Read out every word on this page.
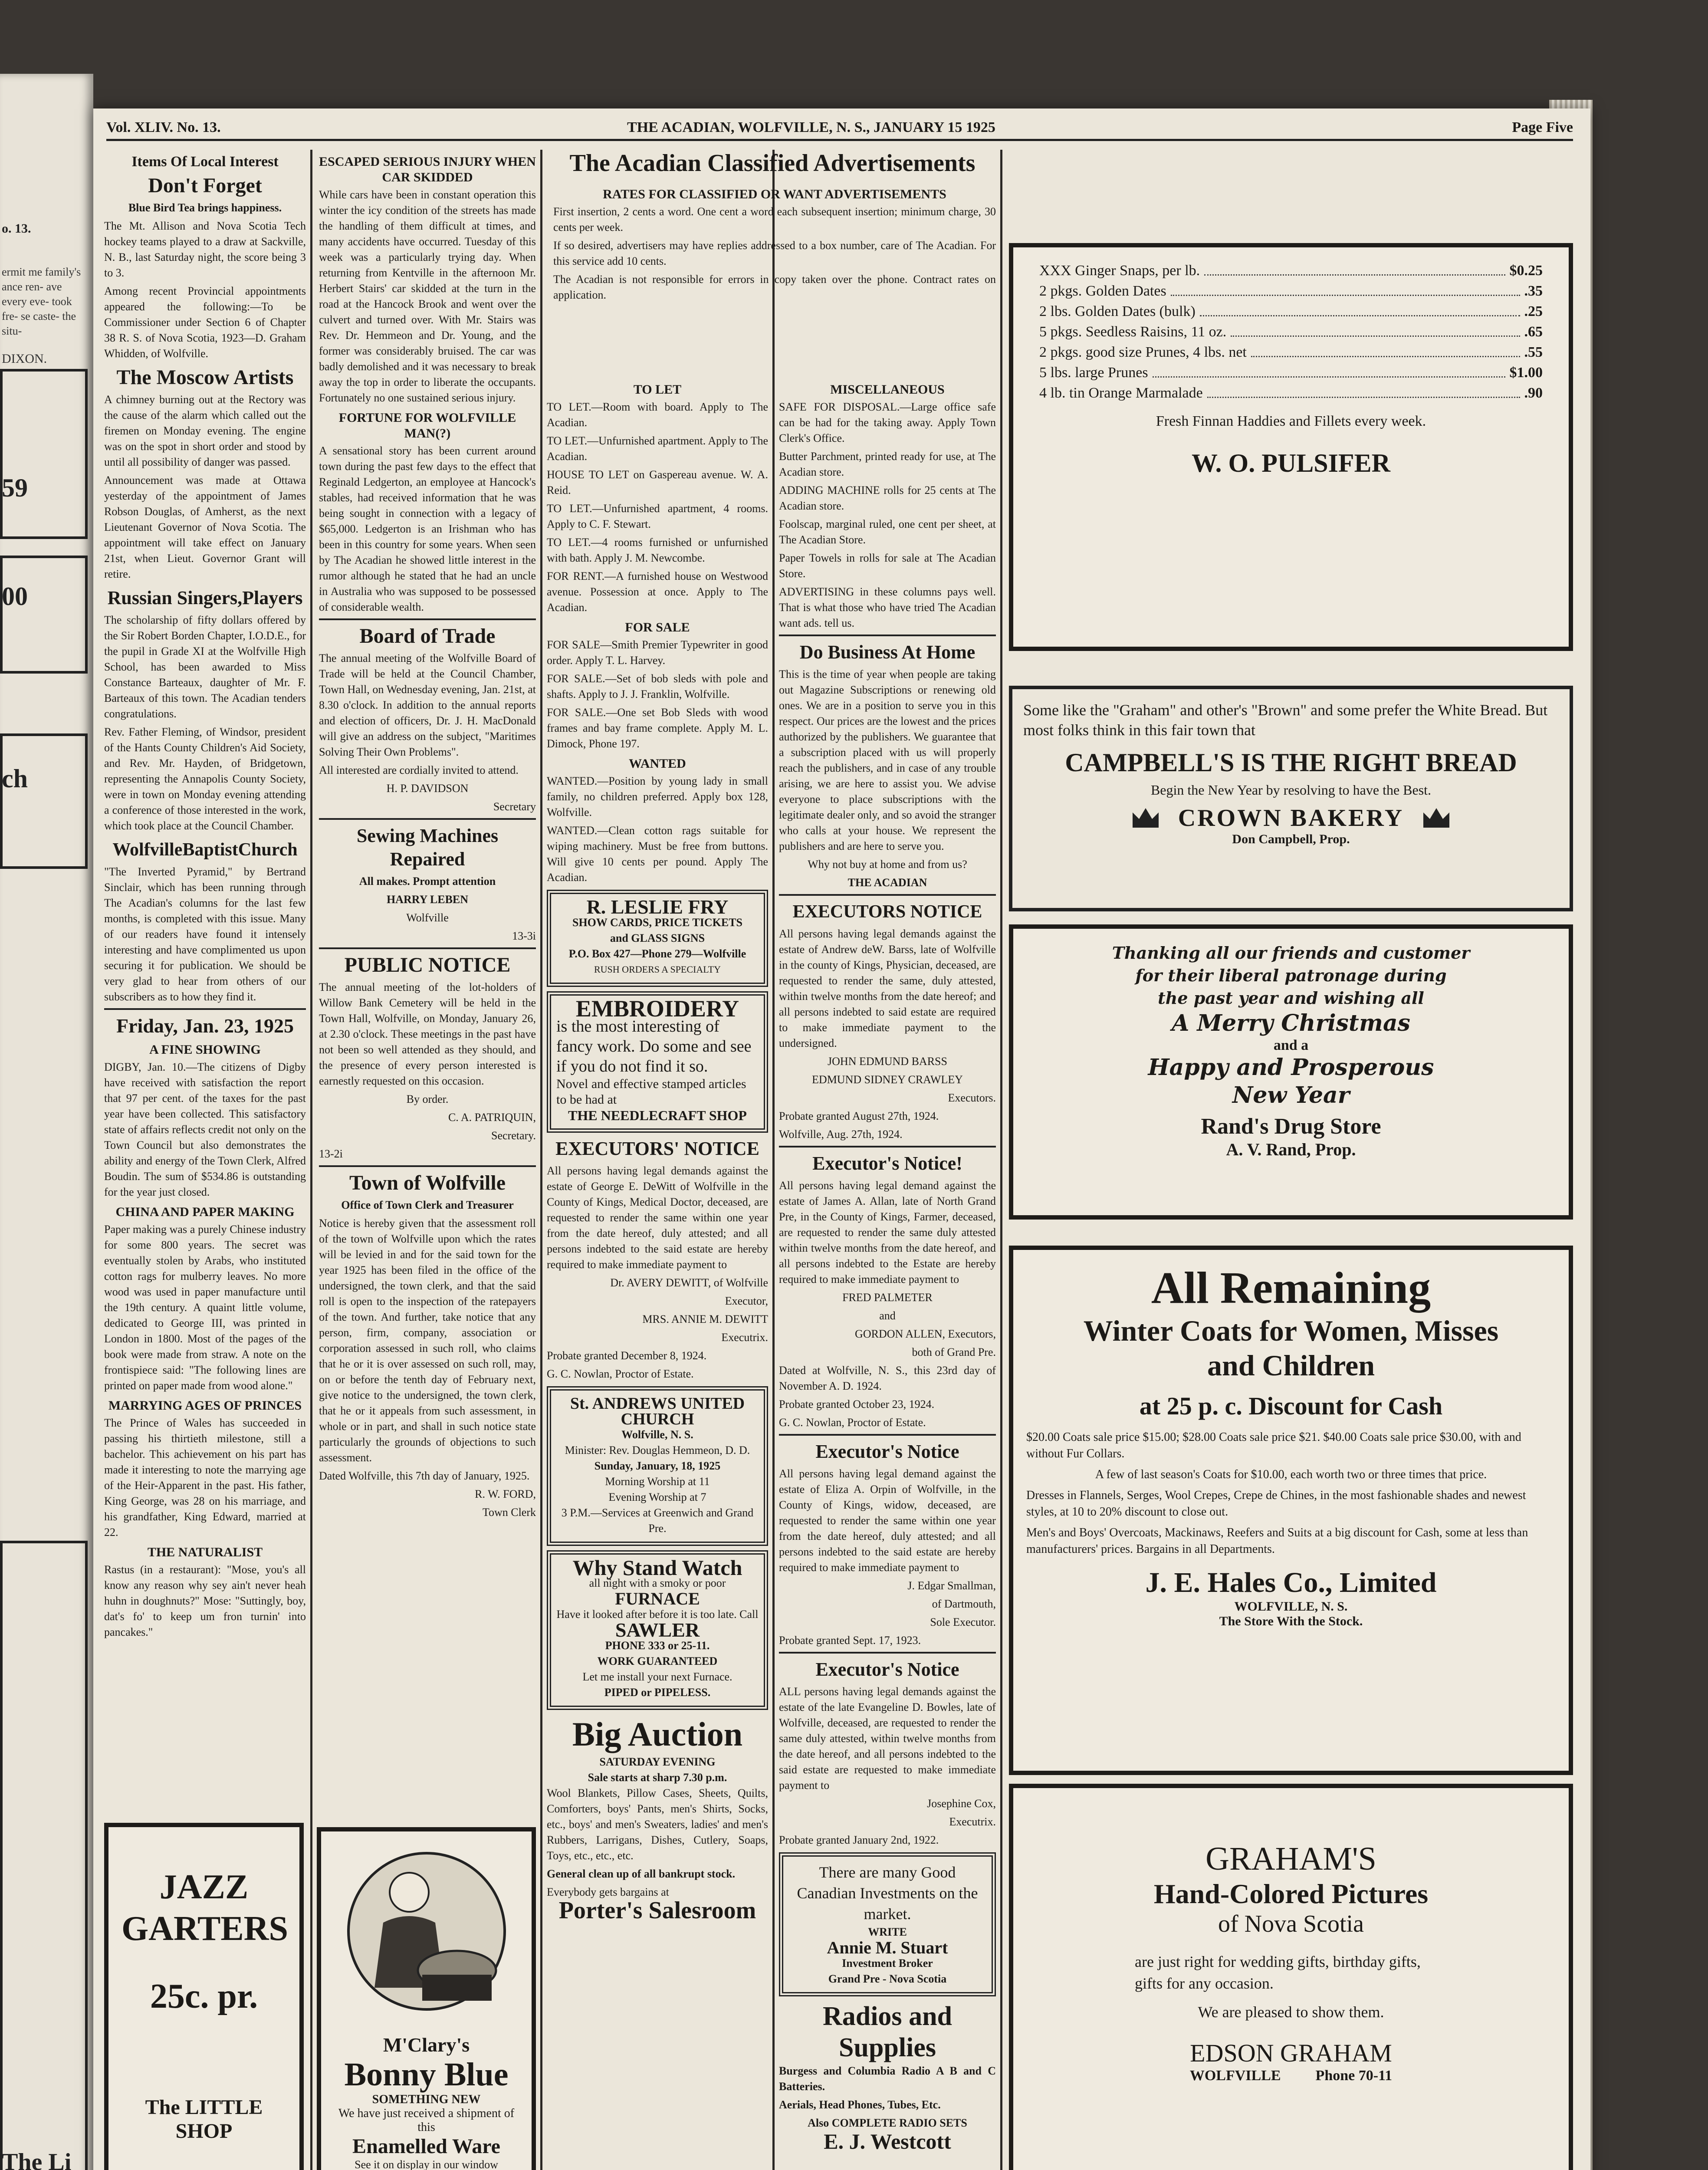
o. 13.
ermit me family's ance ren- ave every eve- took fre- se caste- the situ-
DIXON.
59
00
ch
The Li
Vol. XLIV. No. 13.	THE ACADIAN, WOLFVILLE, N. S., JANUARY 15 1925	Page Five
Items Of Local Interest
Don't Forget

Blue Bird Tea brings happiness.

The Mt. Allison and Nova Scotia Tech hockey teams played to a draw at Sackville, N. B., last Saturday night, the score being 3 to 3.

Among recent Provincial appointments appeared the following:—To be Commissioner under Section 6 of Chapter 38 R. S. of Nova Scotia, 1923—D. Graham Whidden, of Wolfville.

The Moscow Artists

A chimney burning out at the Rectory was the cause of the alarm which called out the firemen on Monday evening. The engine was on the spot in short order and stood by until all possibility of danger was passed.

Announcement was made at Ottawa yesterday of the appointment of James Robson Douglas, of Amherst, as the next Lieutenant Governor of Nova Scotia. The appointment will take effect on January 21st, when Lieut. Governor Grant will retire.

Russian Singers,Players

The scholarship of fifty dollars offered by the Sir Robert Borden Chapter, I.O.D.E., for the pupil in Grade XI at the Wolfville High School, has been awarded to Miss Constance Barteaux, daughter of Mr. F. Barteaux of this town. The Acadian tenders congratulations.

Rev. Father Fleming, of Windsor, president of the Hants County Children's Aid Society, and Rev. Mr. Hayden, of Bridgetown, representing the Annapolis County Society, were in town on Monday evening attending a conference of those interested in the work, which took place at the Council Chamber.

WolfvilleBaptistChurch

"The Inverted Pyramid," by Bertrand Sinclair, which has been running through The Acadian's columns for the last few months, is completed with this issue. Many of our readers have found it intensely interesting and have complimented us upon securing it for publication. We should be very glad to hear from others of our subscribers as to how they find it.

Friday, Jan. 23, 1925
A FINE SHOWING

DIGBY, Jan. 10.—The citizens of Digby have received with satisfaction the report that 97 per cent. of the taxes for the past year have been collected. This satisfactory state of affairs reflects credit not only on the Town Council but also demonstrates the ability and energy of the Town Clerk, Alfred Boudin. The sum of $534.86 is outstanding for the year just closed.

CHINA AND PAPER MAKING

Paper making was a purely Chinese industry for some 800 years. The secret was eventually stolen by Arabs, who instituted cotton rags for mulberry leaves. No more wood was used in paper manufacture until the 19th century. A quaint little volume, dedicated to George III, was printed in London in 1800. Most of the pages of the book were made from straw. A note on the frontispiece said: "The following lines are printed on paper made from wood alone."

MARRYING AGES OF PRINCES

The Prince of Wales has succeeded in passing his thirtieth milestone, still a bachelor. This achievement on his part has made it interesting to note the marrying age of the Heir-Apparent in the past. His father, King George, was 28 on his marriage, and his grandfather, King Edward, married at 22.

THE NATURALIST

Rastus (in a restaurant): "Mose, you's all know any reason why sey ain't never heah huhn in doughnuts?" Mose: "Suttingly, boy, dat's fo' to keep um fron turnin' into pancakes."

JAZZ
GARTERS
25c. pr.
The LITTLE SHOP
ESCAPED SERIOUS INJURY WHEN CAR SKIDDED

While cars have been in constant operation this winter the icy condition of the streets has made the handling of them difficult at times, and many accidents have occurred. Tuesday of this week was a particularly trying day. When returning from Kentville in the afternoon Mr. Herbert Stairs' car skidded at the turn in the road at the Hancock Brook and went over the culvert and turned over. With Mr. Stairs was Rev. Dr. Hemmeon and Dr. Young, and the former was considerably bruised. The car was badly demolished and it was necessary to break away the top in order to liberate the occupants. Fortunately no one sustained serious injury.

FORTUNE FOR WOLFVILLE MAN(?)

A sensational story has been current around town during the past few days to the effect that Reginald Ledgerton, an employee at Hancock's stables, had received information that he was being sought in connection with a legacy of $65,000. Ledgerton is an Irishman who has been in this country for some years. When seen by The Acadian he showed little interest in the rumor although he stated that he had an uncle in Australia who was supposed to be possessed of considerable wealth.

Board of Trade

The annual meeting of the Wolfville Board of Trade will be held at the Council Chamber, Town Hall, on Wednesday evening, Jan. 21st, at 8.30 o'clock. In addition to the annual reports and election of officers, Dr. J. H. MacDonald will give an address on the subject, "Maritimes Solving Their Own Problems".

All interested are cordially invited to attend.

H. P. DAVIDSON

Secretary

Sewing Machines Repaired

All makes. Prompt attention

HARRY LEBEN

Wolfville

13-3i

PUBLIC NOTICE

The annual meeting of the lot-holders of Willow Bank Cemetery will be held in the Town Hall, Wolfville, on Monday, January 26, at 2.30 o'clock. These meetings in the past have not been so well attended as they should, and the presence of every person interested is earnestly requested on this occasion.

By order.

C. A. PATRIQUIN,

Secretary.

13-2i

Town of Wolfville

Office of Town Clerk and Treasurer

Notice is hereby given that the assessment roll of the town of Wolfville upon which the rates will be levied in and for the said town for the year 1925 has been filed in the office of the undersigned, the town clerk, and that the said roll is open to the inspection of the ratepayers of the town. And further, take notice that any person, firm, company, association or corporation assessed in such roll, who claims that he or it is over assessed on such roll, may, on or before the tenth day of February next, give notice to the undersigned, the town clerk, that he or it appeals from such assessment, in whole or in part, and shall in such notice state particularly the grounds of objections to such assessment.

Dated Wolfville, this 7th day of January, 1925.

R. W. FORD,

Town Clerk

M'Clary's
Bonny Blue
SOMETHING NEW
We have just received a shipment of this
Enamelled Ware
See it on display in our window
The Acadian Classified Advertisements
RATES FOR CLASSIFIED OR WANT ADVERTISEMENTS

First insertion, 2 cents a word. One cent a word each subsequent insertion; minimum charge, 30 cents per week.

If so desired, advertisers may have replies addressed to a box number, care of The Acadian. For this service add 10 cents.

The Acadian is not responsible for errors in copy taken over the phone. Contract rates on application.

TO LET

TO LET.—Room with board. Apply to The Acadian.

TO LET.—Unfurnished apartment. Apply to The Acadian.

HOUSE TO LET on Gaspereau avenue. W. A. Reid.

TO LET.—Unfurnished apartment, 4 rooms. Apply to C. F. Stewart.

TO LET.—4 rooms furnished or unfurnished with bath. Apply J. M. Newcombe.

FOR RENT.—A furnished house on Westwood avenue. Possession at once. Apply to The Acadian.

FOR SALE

FOR SALE—Smith Premier Typewriter in good order. Apply T. L. Harvey.

FOR SALE.—Set of bob sleds with pole and shafts. Apply to J. J. Franklin, Wolfville.

FOR SALE.—One set Bob Sleds with wood frames and bay frame complete. Apply M. L. Dimock, Phone 197.

WANTED

WANTED.—Position by young lady in small family, no children preferred. Apply box 128, Wolfville.

WANTED.—Clean cotton rags suitable for wiping machinery. Must be free from buttons. Will give 10 cents per pound. Apply The Acadian.

R. LESLIE FRY
SHOW CARDS, PRICE TICKETS
and GLASS SIGNS
P.O. Box 427—Phone 279—Wolfville
RUSH ORDERS A SPECIALTY
EMBROIDERY
is the most interesting of fancy work. Do some and see if you do not find it so.
Novel and effective stamped articles to be had at
THE NEEDLECRAFT SHOP
EXECUTORS' NOTICE

All persons having legal demands against the estate of George E. DeWitt of Wolfville in the County of Kings, Medical Doctor, deceased, are requested to render the same within one year from the date hereof, duly attested; and all persons indebted to the said estate are hereby required to make immediate payment to

Dr. AVERY DEWITT, of Wolfville

Executor,

MRS. ANNIE M. DEWITT

Executrix.

Probate granted December 8, 1924.

G. C. Nowlan, Proctor of Estate.

St. ANDREWS UNITED CHURCH
Wolfville, N. S.
Minister: Rev. Douglas Hemmeon, D. D.
Sunday, January, 18, 1925
Morning Worship at 11
Evening Worship at 7
3 P.M.—Services at Greenwich and Grand Pre.
Why Stand Watch
all night with a smoky or poor
FURNACE
Have it looked after before it is too late. Call
SAWLER
PHONE 333 or 25-11.
WORK GUARANTEED
Let me install your next Furnace.
PIPED or PIPELESS.
Big Auction
SATURDAY EVENING
Sale starts at sharp 7.30 p.m.

Wool Blankets, Pillow Cases, Sheets, Quilts, Comforters, boys' Pants, men's Shirts, Socks, etc., boys' and men's Sweaters, ladies' and men's Rubbers, Larrigans, Dishes, Cutlery, Soaps, Toys, etc., etc., etc.

General clean up of all bankrupt stock.

Everybody gets bargains at

Porter's Salesroom
MISCELLANEOUS

SAFE FOR DISPOSAL.—Large office safe can be had for the taking away. Apply Town Clerk's Office.

Butter Parchment, printed ready for use, at The Acadian store.

ADDING MACHINE rolls for 25 cents at The Acadian store.

Foolscap, marginal ruled, one cent per sheet, at The Acadian Store.

Paper Towels in rolls for sale at The Acadian Store.

ADVERTISING in these columns pays well. That is what those who have tried The Acadian want ads. tell us.

Do Business At Home

This is the time of year when people are taking out Magazine Subscriptions or renewing old ones. We are in a position to serve you in this respect. Our prices are the lowest and the prices authorized by the publishers. We guarantee that a subscription placed with us will properly reach the publishers, and in case of any trouble arising, we are here to assist you. We advise everyone to place subscriptions with the legitimate dealer only, and so avoid the stranger who calls at your house. We represent the publishers and are here to serve you.

Why not buy at home and from us?

THE ACADIAN

EXECUTORS NOTICE

All persons having legal demands against the estate of Andrew deW. Barss, late of Wolfville in the county of Kings, Physician, deceased, are requested to render the same, duly attested, within twelve months from the date hereof; and all persons indebted to said estate are required to make immediate payment to the undersigned.

JOHN EDMUND BARSS

EDMUND SIDNEY CRAWLEY

Executors.

Probate granted August 27th, 1924.

Wolfville, Aug. 27th, 1924.

Executor's Notice!

All persons having legal demand against the estate of James A. Allan, late of North Grand Pre, in the County of Kings, Farmer, deceased, are requested to render the same duly attested within twelve months from the date hereof, and all persons indebted to the Estate are hereby required to make immediate payment to

FRED PALMETER

and

GORDON ALLEN, Executors,

both of Grand Pre.

Dated at Wolfville, N. S., this 23rd day of November A. D. 1924.

Probate granted October 23, 1924.

G. C. Nowlan, Proctor of Estate.

Executor's Notice

All persons having legal demand against the estate of Eliza A. Orpin of Wolfville, in the County of Kings, widow, deceased, are requested to render the same within one year from the date hereof, duly attested; and all persons indebted to the said estate are hereby required to make immediate payment to

J. Edgar Smallman,

of Dartmouth,

Sole Executor.

Probate granted Sept. 17, 1923.

Executor's Notice

ALL persons having legal demands against the estate of the late Evangeline D. Bowles, late of Wolfville, deceased, are requested to render the same duly attested, within twelve months from the date hereof, and all persons indebted to the said estate are requested to make immediate payment to

Josephine Cox,

Executrix.

Probate granted January 2nd, 1922.

There are many Good Canadian Investments on the market.
WRITE
Annie M. Stuart
Investment Broker
Grand Pre - Nova Scotia
Radios and Supplies

Burgess and Columbia Radio A B and C Batteries.

Aerials, Head Phones, Tubes, Etc.

Also COMPLETE RADIO SETS

E. J. Westcott
XXX Ginger Snaps, per lb.	$0.25
2 pkgs. Golden Dates	.35
2 lbs. Golden Dates (bulk)	.25
5 pkgs. Seedless Raisins, 11 oz.	.65
2 pkgs. good size Prunes, 4 lbs. net	.55
5 lbs. large Prunes	$1.00
4 lb. tin Orange Marmalade	.90
Fresh Finnan Haddies and Fillets every week.
W. O. PULSIFER
Some like the "Graham" and other's "Brown" and some prefer the White Bread. But most folks think in this fair town that
CAMPBELL'S IS THE RIGHT BREAD
Begin the New Year by resolving to have the Best.
CROWN BAKERY
Don Campbell, Prop.
Thanking all our friends and customer
for their liberal patronage during
the past year and wishing all
A Merry Christmas
and a
Happy and Prosperous
New Year
Rand's Drug Store
A. V. Rand, Prop.
All Remaining
Winter Coats for Women, Misses and Children
at 25 p. c. Discount for Cash
$20.00 Coats sale price $15.00; $28.00 Coats sale price $21. $40.00 Coats sale price $30.00, with and without Fur Collars.
A few of last season's Coats for $10.00, each worth two or three times that price.
Dresses in Flannels, Serges, Wool Crepes, Crepe de Chines, in the most fashionable shades and newest styles, at 10 to 20% discount to close out.
Men's and Boys' Overcoats, Mackinaws, Reefers and Suits at a big discount for Cash, some at less than manufacturers' prices. Bargains in all Departments.
J. E. Hales Co., Limited
WOLFVILLE, N. S.
The Store With the Stock.
GRAHAM'S
Hand-Colored Pictures
of Nova Scotia
are just right for wedding gifts, birthday gifts, gifts for any occasion.
We are pleased to show them.
EDSON GRAHAM
WOLFVILLE Phone 70-11
